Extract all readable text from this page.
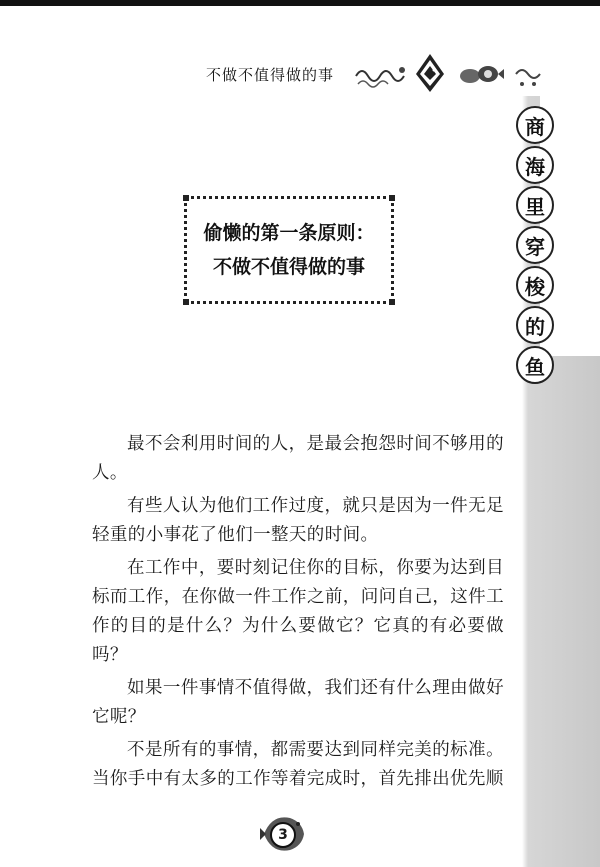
不做不值得做的事
商
海
里
穿
梭
的
鱼
偷懒的第一条原则：
不做不值得做的事

最不会利用时间的人，是最会抱怨时间不够用的人。

有些人认为他们工作过度，就只是因为一件无足轻重的小事花了他们一整天的时间。

在工作中，要时刻记住你的目标，你要为达到目标而工作，在你做一件工作之前，问问自己，这件工作的目的是什么？为什么要做它？它真的有必要做吗？

如果一件事情不值得做，我们还有什么理由做好它呢？

不是所有的事情，都需要达到同样完美的标准。当你手中有太多的工作等着完成时，首先排出优先顺

3
